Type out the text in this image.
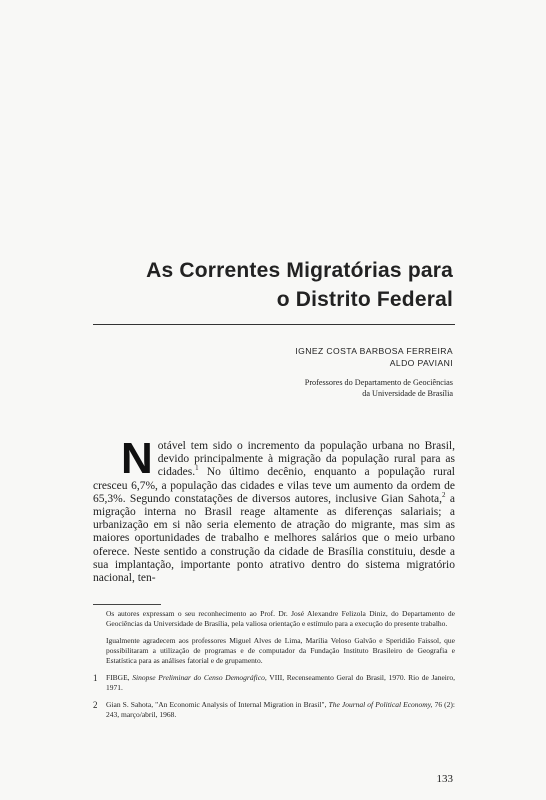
As Correntes Migratórias para
o Distrito Federal
IGNEZ COSTA BARBOSA FERREIRA
ALDO PAVIANI
Professores do Departamento de Geociências
da Universidade de Brasília

Notável tem sido o incremento da população urbana no Brasil, devido principalmente à migração da população rural para as cidades.$^1$ No último decênio, enquanto a população rural cresceu 6,7%, a população das cidades e vilas teve um aumento da ordem de 65,3%. Segundo constatações de diversos autores, inclusive Gian Sahota,$^2$ a migração interna no Brasil reage altamente as diferenças salariais; a urbanização em si não seria elemento de atração do migrante, mas sim as maiores oportunidades de trabalho e melhores salários que o meio urbano oferece. Neste sentido a construção da cidade de Brasília constituiu, desde a sua implantação, importante ponto atrativo dentro do sistema migratório nacional, ten-

Os autores expressam o seu reconhecimento ao Prof. Dr. José Alexandre Felizola Diniz, do Departamento de Geociências da Universidade de Brasília, pela valiosa orientação e estímulo para a execução do presente trabalho.
Igualmente agradecem aos professores Miguel Alves de Lima, Marília Veloso Galvão e Speridião Faissol, que possibilitaram a utilização de programas e de computador da Fundação Instituto Brasileiro de Geografia e Estatística para as análises fatorial e de grupamento.
1	FIBGE, Sinopse Preliminar do Censo Demográfico, VIII, Recenseamento Geral do Brasil, 1970. Rio de Janeiro, 1971.
2	Gian S. Sahota, "An Economic Analysis of Internal Migration in Brasil", The Journal of Political Economy, 76 (2): 243, março/abril, 1968.
133
